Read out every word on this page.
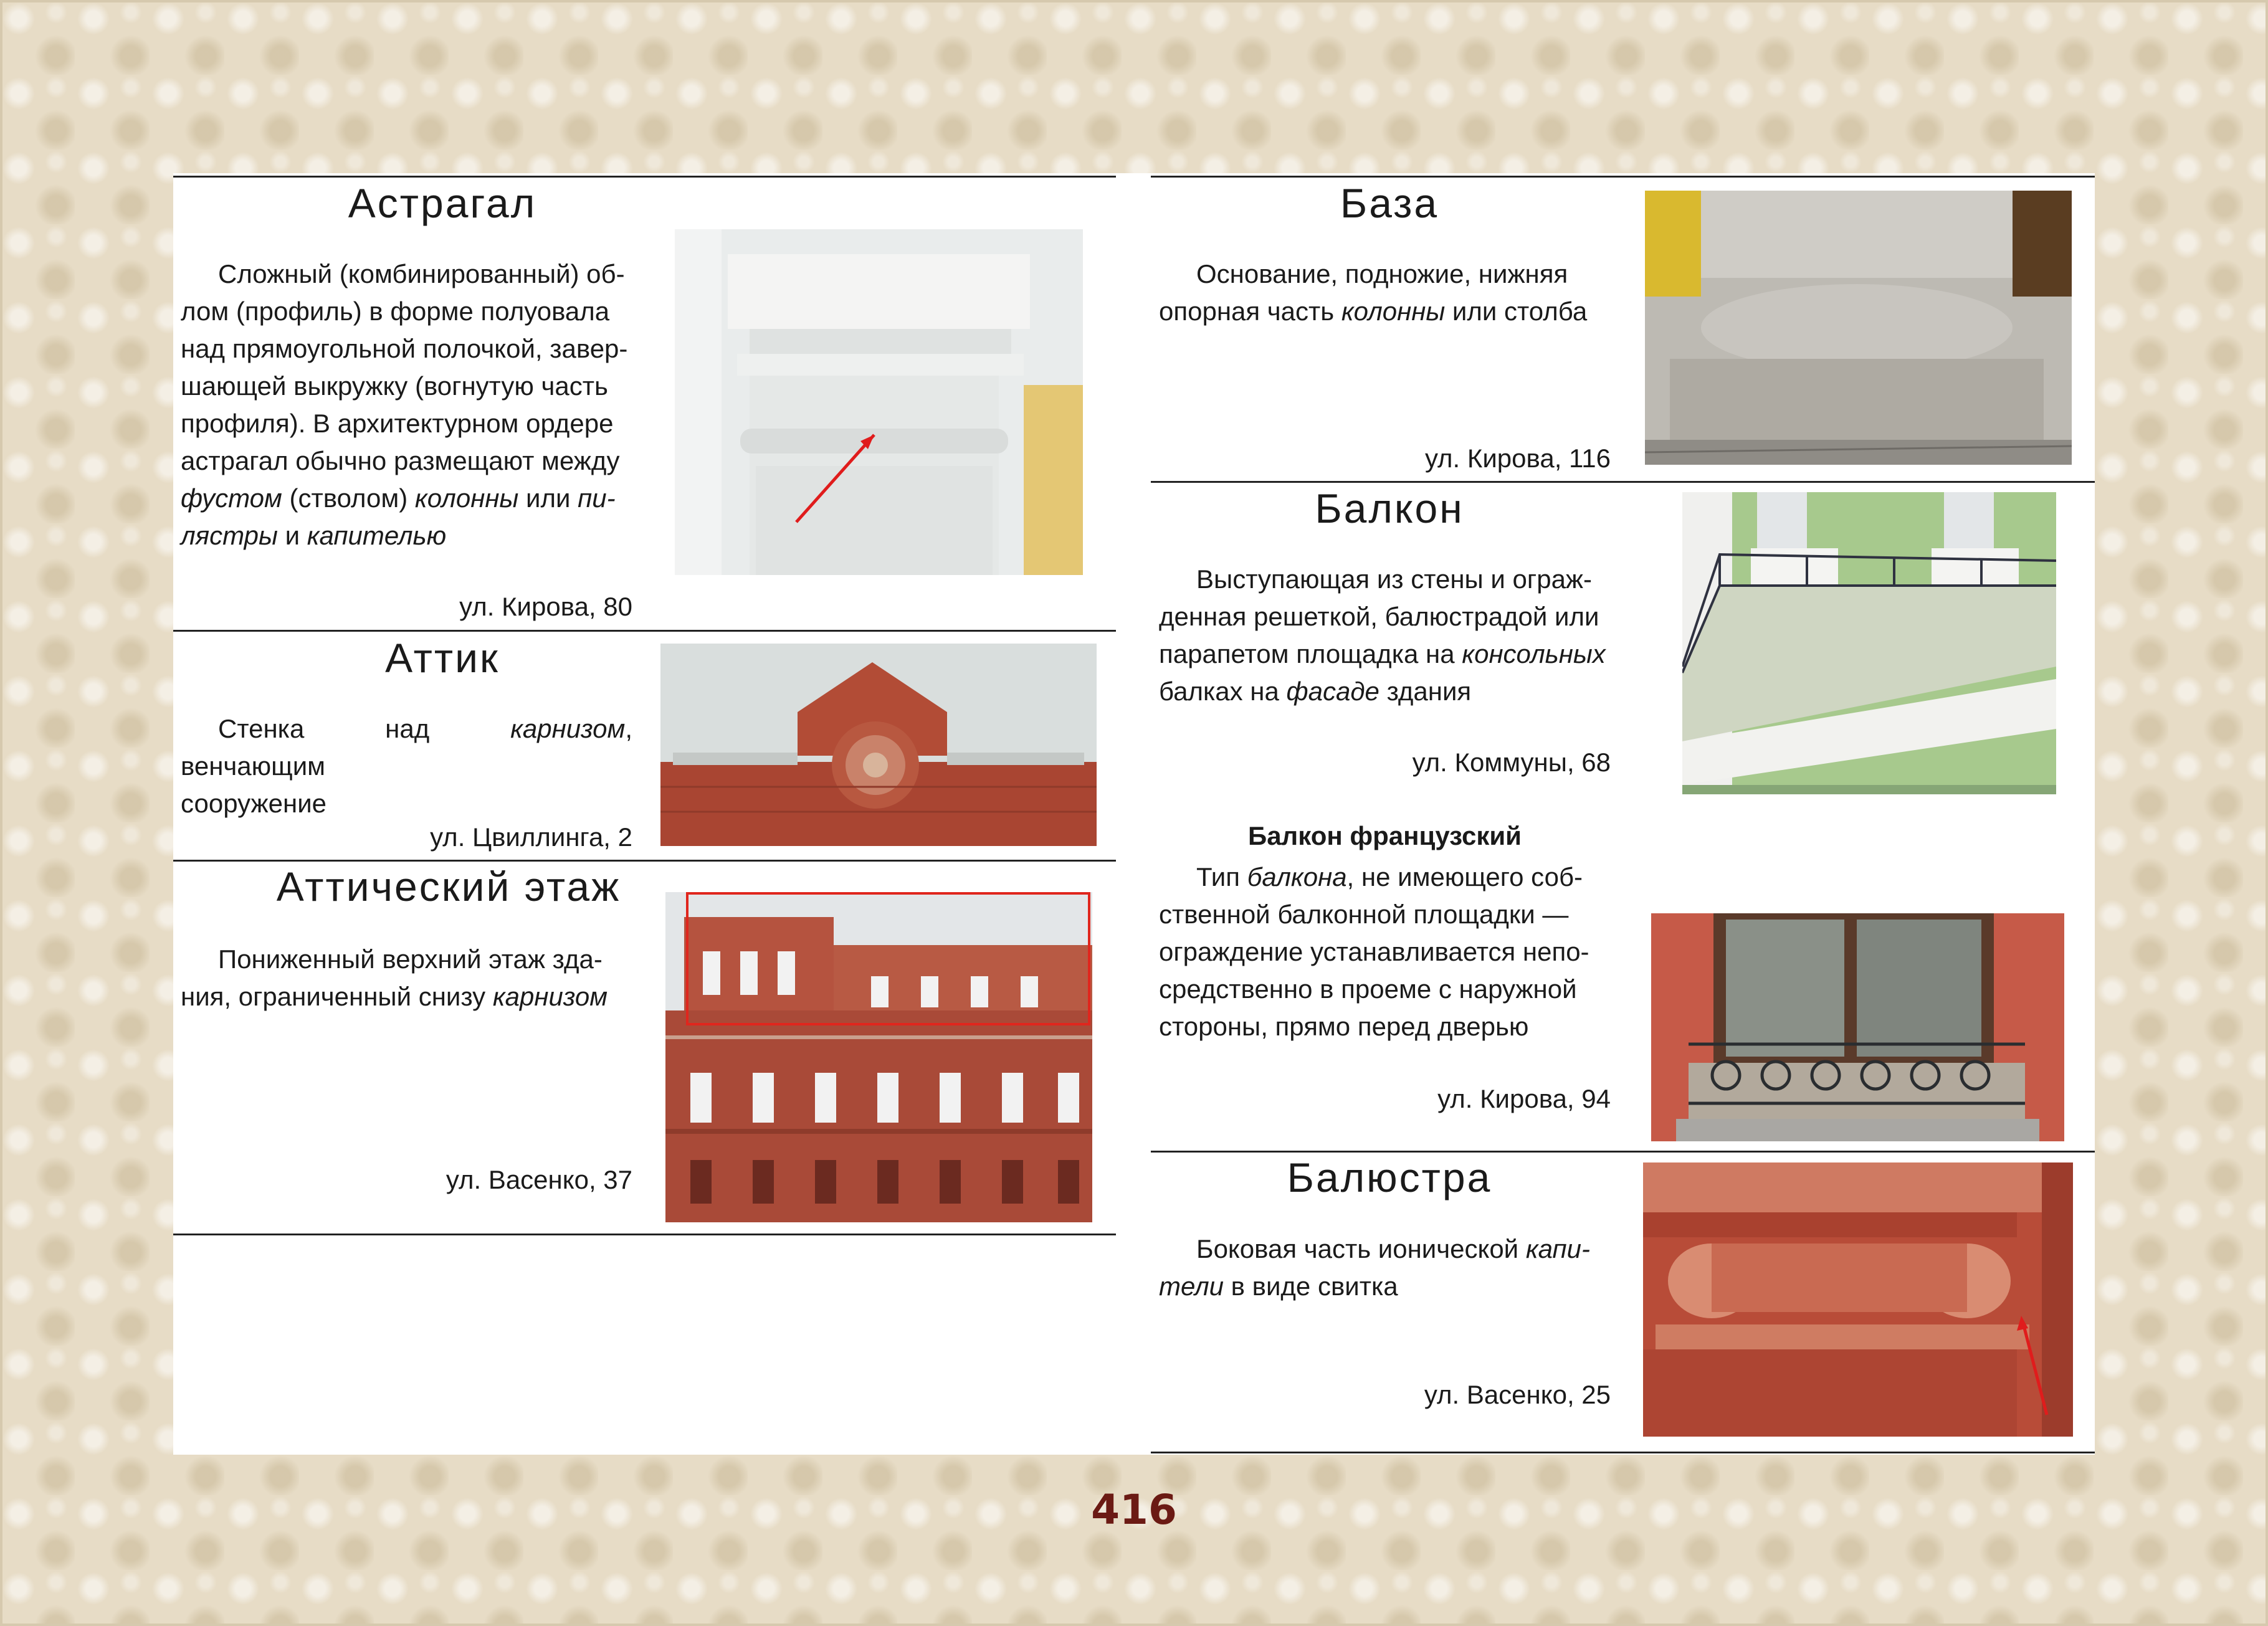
Астрагал
Сложный (комбинированный) об-
лом (профиль) в форме полуовала
над прямоугольной полочкой, завер-
шающей выкружку (вогнутую часть
профиля). В архитектурном ордере
астрагал обычно размещают между
фустом (стволом) колонны или пи-
лястры и капителью
ул. Кирова, 80
Аттик
Стенка над карнизом, венчающим
сооружение
ул. Цвиллинга, 2
Аттический этаж
Пониженный верхний этаж зда-
ния, ограниченный снизу карнизом
ул. Васенко, 37
База
Основание, подножие, нижняя
опорная часть колонны или столба
ул. Кирова, 116
Балкон
Выступающая из стены и ограж-
денная решеткой, балюстрадой или
парапетом площадка на консольных
балках на фасаде здания
ул. Коммуны, 68
Балкон французский
Тип балкона, не имеющего соб-
ственной балконной площадки —
ограждение устанавливается непо-
средственно в проеме с наружной
стороны, прямо перед дверью
ул. Кирова, 94
Балюстра
Боковая часть ионической капи-
тели в виде свитка
ул. Васенко, 25
416
